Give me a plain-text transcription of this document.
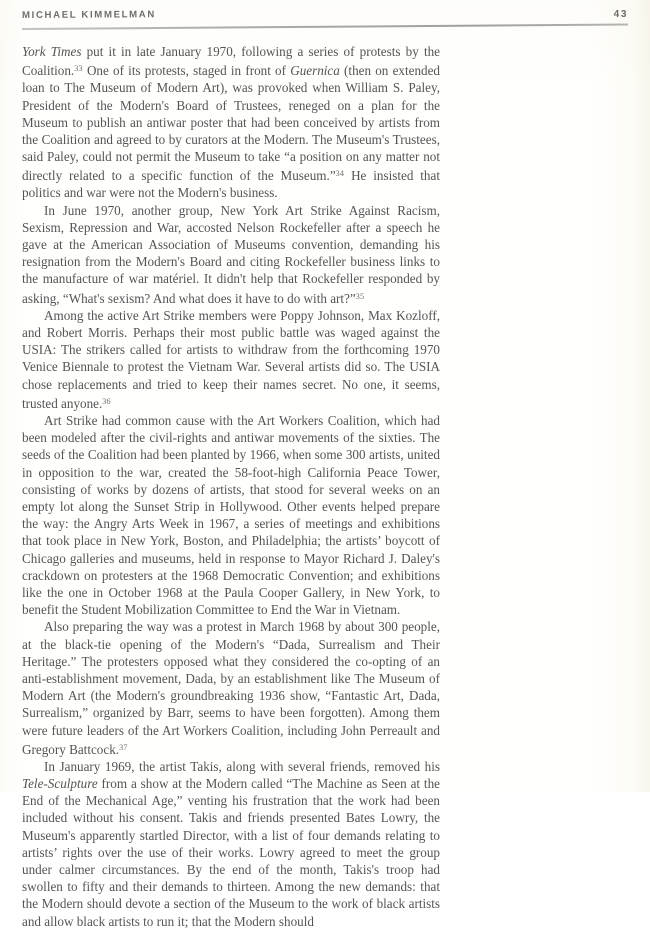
MICHAEL KIMMELMAN	43

York Times put it in late January 1970, following a series of protests by the Coalition.$^{33}$ One of its protests, staged in front of Guernica (then on extended loan to The Museum of Modern Art), was provoked when William S. Paley, President of the Modern's Board of Trustees, reneged on a plan for the Museum to publish an antiwar poster that had been conceived by artists from the Coalition and agreed to by curators at the Modern. The Museum's Trustees, said Paley, could not permit the Museum to take “a position on any matter not directly related to a specific function of the Museum.”$^{34}$ He insisted that politics and war were not the Modern's business.

In June 1970, another group, New York Art Strike Against Racism, Sexism, Repression and War, accosted Nelson Rockefeller after a speech he gave at the American Association of Museums convention, demanding his resignation from the Modern's Board and citing Rockefeller business links to the manufacture of war matériel. It didn't help that Rockefeller responded by asking, “What's sexism? And what does it have to do with art?”$^{35}$

Among the active Art Strike members were Poppy Johnson, Max Kozloff, and Robert Morris. Perhaps their most public battle was waged against the USIA: The strikers called for artists to withdraw from the forthcoming 1970 Venice Biennale to protest the Vietnam War. Several artists did so. The USIA chose replacements and tried to keep their names secret. No one, it seems, trusted anyone.$^{36}$

Art Strike had common cause with the Art Workers Coalition, which had been modeled after the civil-rights and antiwar movements of the sixties. The seeds of the Coalition had been planted by 1966, when some 300 artists, united in opposition to the war, created the 58-foot-high California Peace Tower, consisting of works by dozens of artists, that stood for several weeks on an empty lot along the Sunset Strip in Hollywood. Other events helped prepare the way: the Angry Arts Week in 1967, a series of meetings and exhibitions that took place in New York, Boston, and Philadelphia; the artists’ boycott of Chicago galleries and museums, held in response to Mayor Richard J. Daley's crackdown on protesters at the 1968 Democratic Convention; and exhibitions like the one in October 1968 at the Paula Cooper Gallery, in New York, to benefit the Student Mobilization Committee to End the War in Vietnam.

Also preparing the way was a protest in March 1968 by about 300 people, at the black-tie opening of the Modern's “Dada, Surrealism and Their Heritage.” The protesters opposed what they considered the co-opting of an anti-establishment movement, Dada, by an establishment like The Museum of Modern Art (the Modern's groundbreaking 1936 show, “Fantastic Art, Dada, Surrealism,” organized by Barr, seems to have been forgotten). Among them were future leaders of the Art Workers Coalition, including John Perreault and Gregory Battcock.$^{37}$

In January 1969, the artist Takis, along with several friends, removed his Tele-Sculpture from a show at the Modern called “The Machine as Seen at the End of the Mechanical Age,” venting his frustration that the work had been included without his consent. Takis and friends presented Bates Lowry, the Museum's apparently startled Director, with a list of four demands relating to artists’ rights over the use of their works. Lowry agreed to meet the group under calmer circumstances. By the end of the month, Takis's troop had swollen to fifty and their demands to thirteen. Among the new demands: that the Modern should devote a section of the Museum to the work of black artists and allow black artists to run it; that the Modern should
